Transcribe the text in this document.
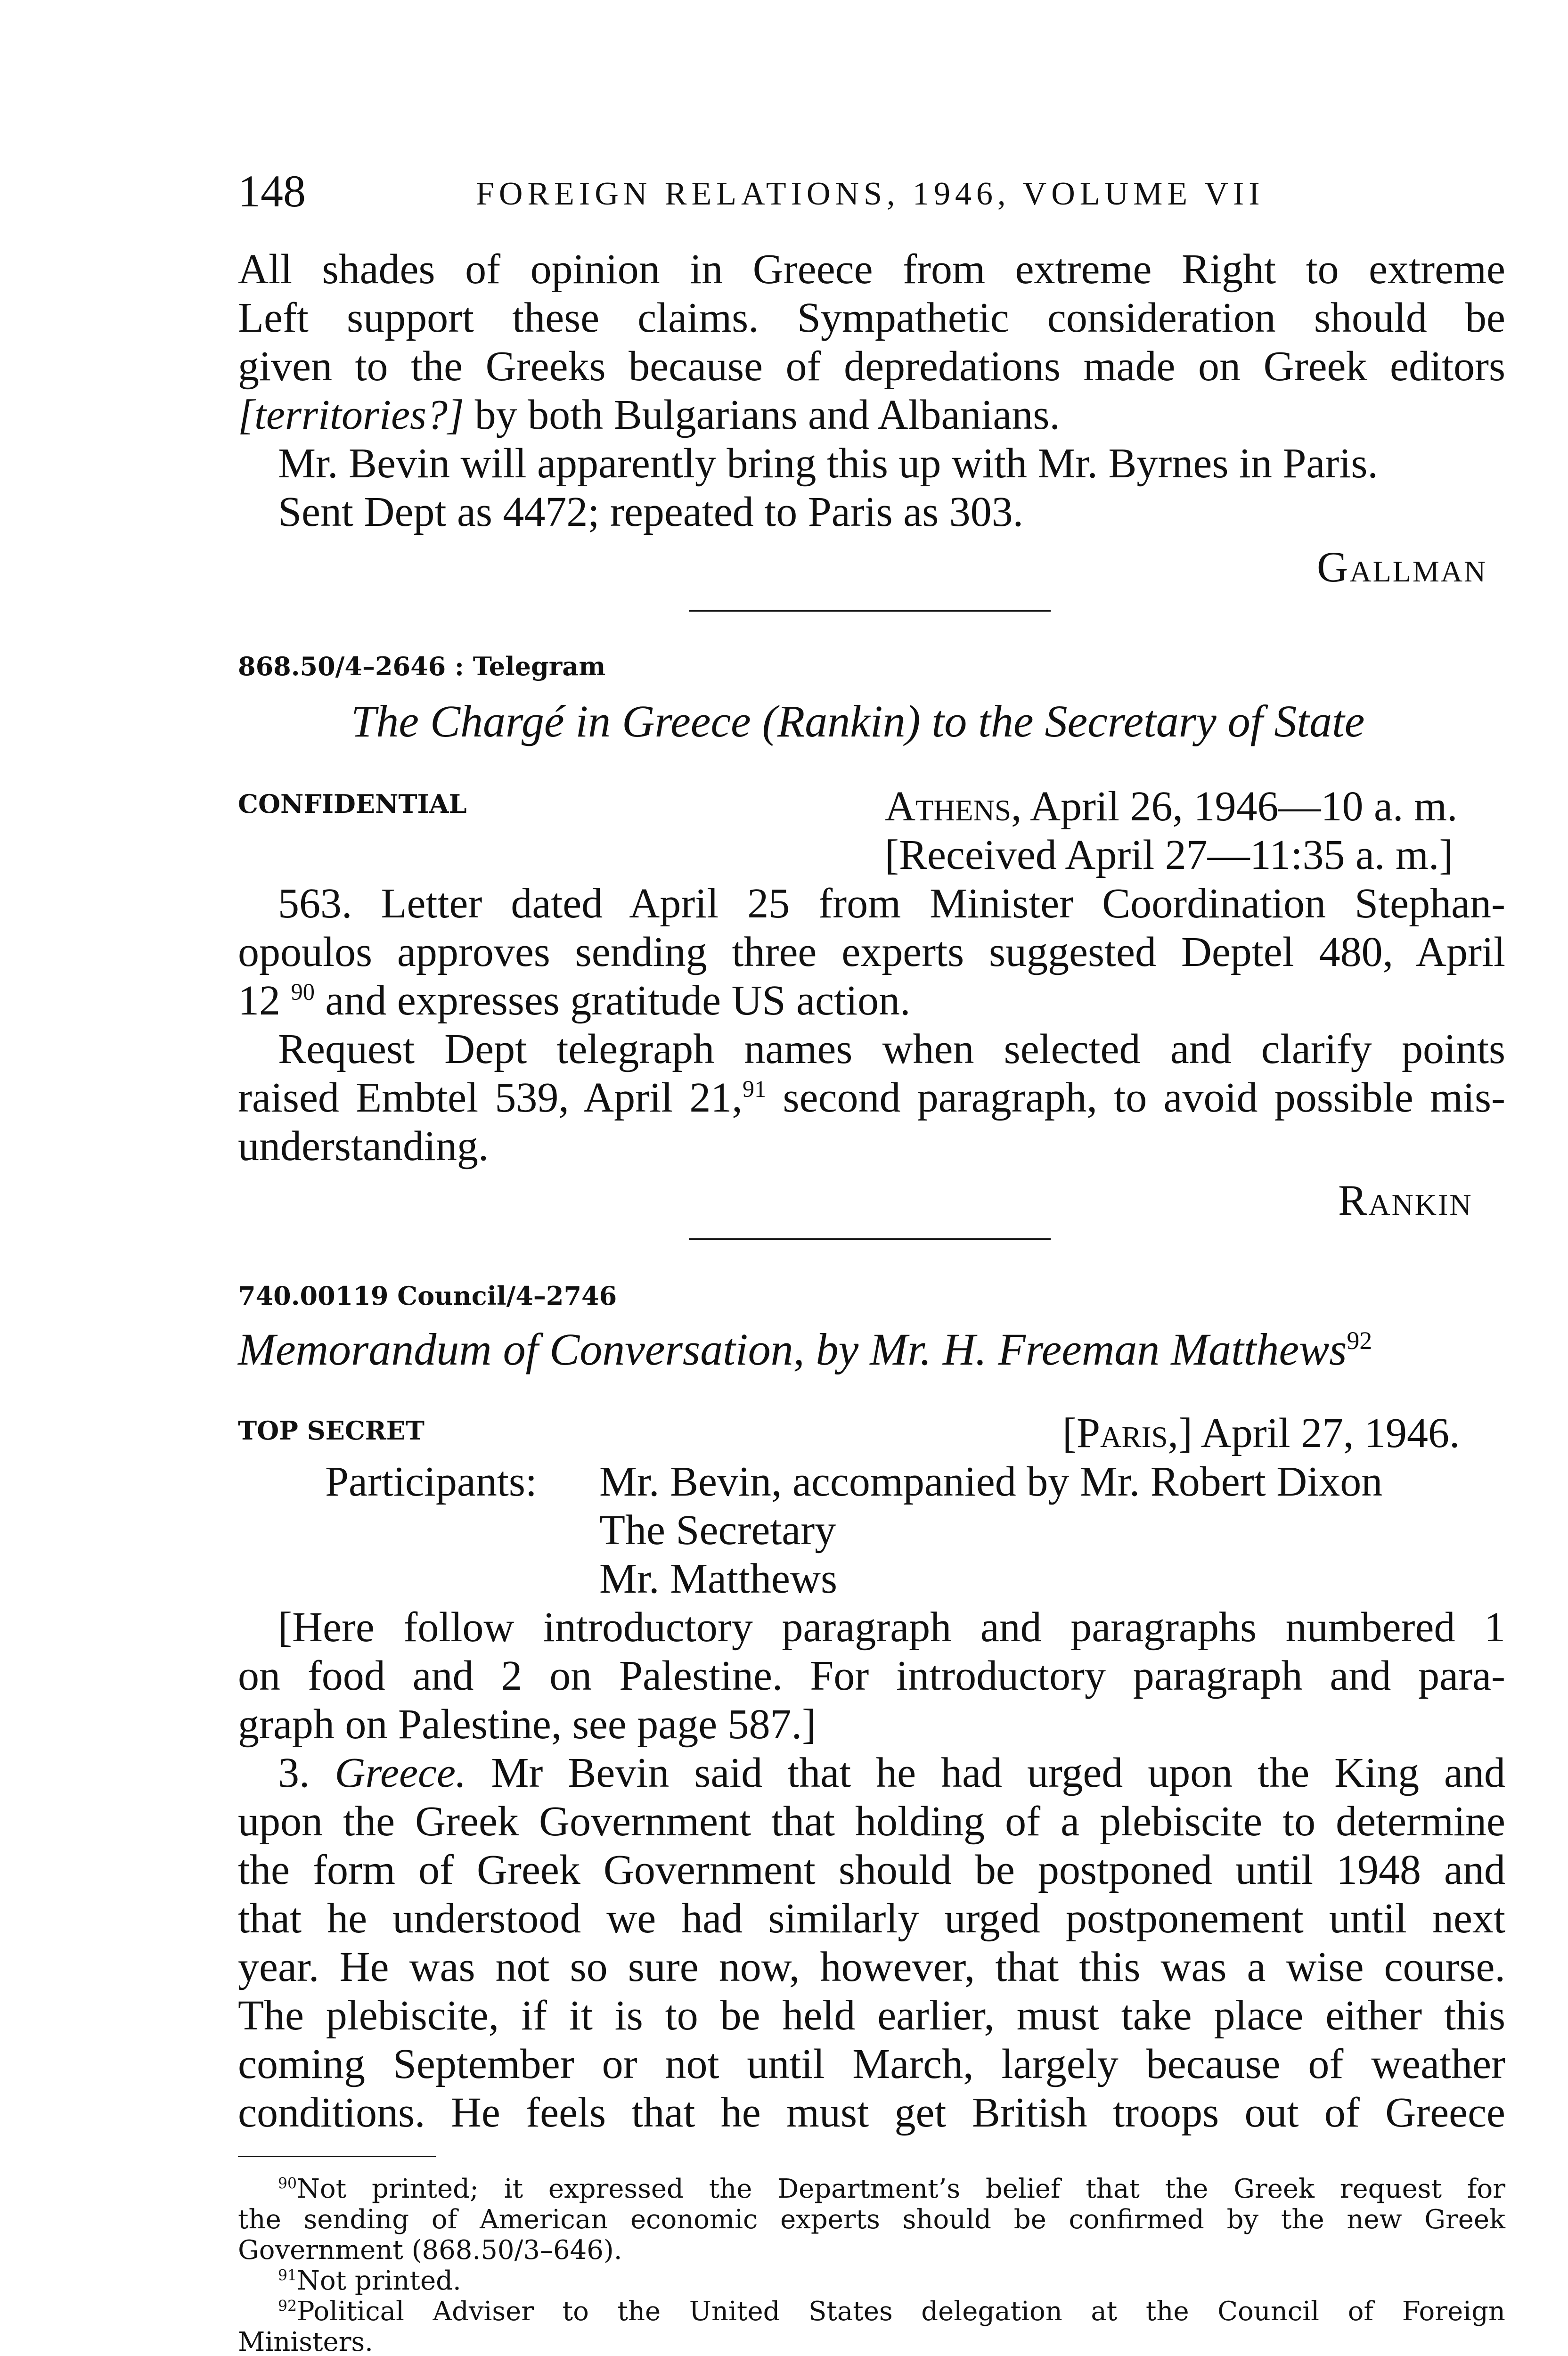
148	FOREIGN RELATIONS, 1946, VOLUME VII
All shades of opinion in Greece from extreme Right to extreme
Left support these claims. Sympathetic consideration should be
given to the Greeks because of depredations made on Greek editors
[territories?] by both Bulgarians and Albanians.
Mr. Bevin will apparently bring this up with Mr. Byrnes in Paris.
Sent Dept as 4472; repeated to Paris as 303.
Gallman
868.50/4–2646 : Telegram
The Chargé in Greece (Rankin) to the Secretary of State
CONFIDENTIAL	Athens, April 26, 1946—10 a. m.
[Received April 27—11:35 a. m.]
563. Letter dated April 25 from Minister Coordination Stephan-
opoulos approves sending three experts suggested Deptel 480, April
12 $^{90}$ and expresses gratitude US action.
Request Dept telegraph names when selected and clarify points
raised Embtel 539, April 21,91 second paragraph, to avoid possible mis-
understanding.
Rankin
740.00119 Council/4–2746
Memorandum of Conversation, by Mr. H. Freeman Matthews$^{92}$
TOP SECRET	[Paris,] April 27, 1946.
Participants: Mr. Bevin, accompanied by Mr. Robert Dixon
The Secretary
Mr. Matthews
[Here follow introductory paragraph and paragraphs numbered 1
on food and 2 on Palestine. For introductory paragraph and para-
graph on Palestine, see page 587.]
3. Greece. Mr Bevin said that he had urged upon the King and
upon the Greek Government that holding of a plebiscite to determine
the form of Greek Government should be postponed until 1948 and
that he understood we had similarly urged postponement until next
year. He was not so sure now, however, that this was a wise course.
The plebiscite, if it is to be held earlier, must take place either this
coming September or not until March, largely because of weather
conditions. He feels that he must get British troops out of Greece
$^{90}$Not printed; it expressed the Department’s belief that the Greek request for
the sending of American economic experts should be confirmed by the new Greek
Government (868.50/3–646).
$^{91}$Not printed.
$^{92}$Political Adviser to the United States delegation at the Council of Foreign
Ministers.
